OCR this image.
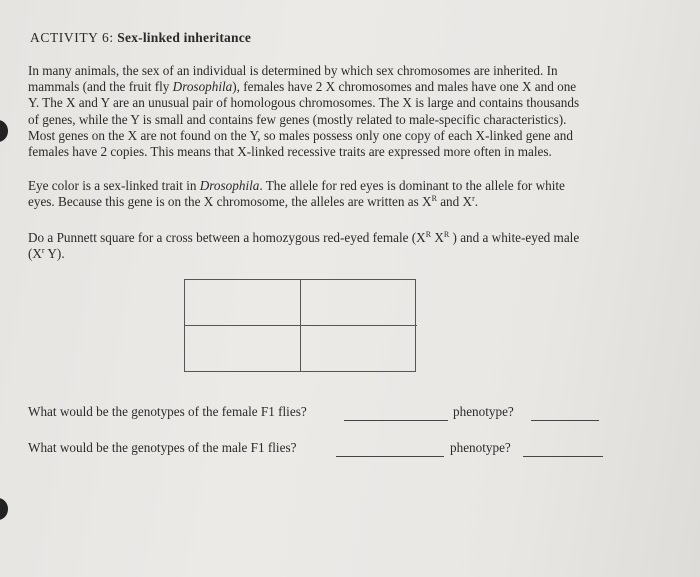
ACTIVITY 6: Sex-linked inheritance
In many animals, the sex of an individual is determined by which sex chromosomes are inherited. In
mammals (and the fruit fly Drosophila), females have 2 X chromosomes and males have one X and one
Y. The X and Y are an unusual pair of homologous chromosomes. The X is large and contains thousands
of genes, while the Y is small and contains few genes (mostly related to male-specific characteristics).
Most genes on the X are not found on the Y, so males possess only one copy of each X-linked gene and
females have 2 copies. This means that X-linked recessive traits are expressed more often in males.
Eye color is a sex-linked trait in Drosophila. The allele for red eyes is dominant to the allele for white
eyes. Because this gene is on the X chromosome, the alleles are written as $X^R$ and $X^r$.
Do a Punnett square for a cross between a homozygous red-eyed female ($X^R$ $X^R$ ) and a white-eyed male
($X^r$ Y).
What would be the genotypes of the female F1 flies?	phenotype?
What would be the genotypes of the male F1 flies?	phenotype?
